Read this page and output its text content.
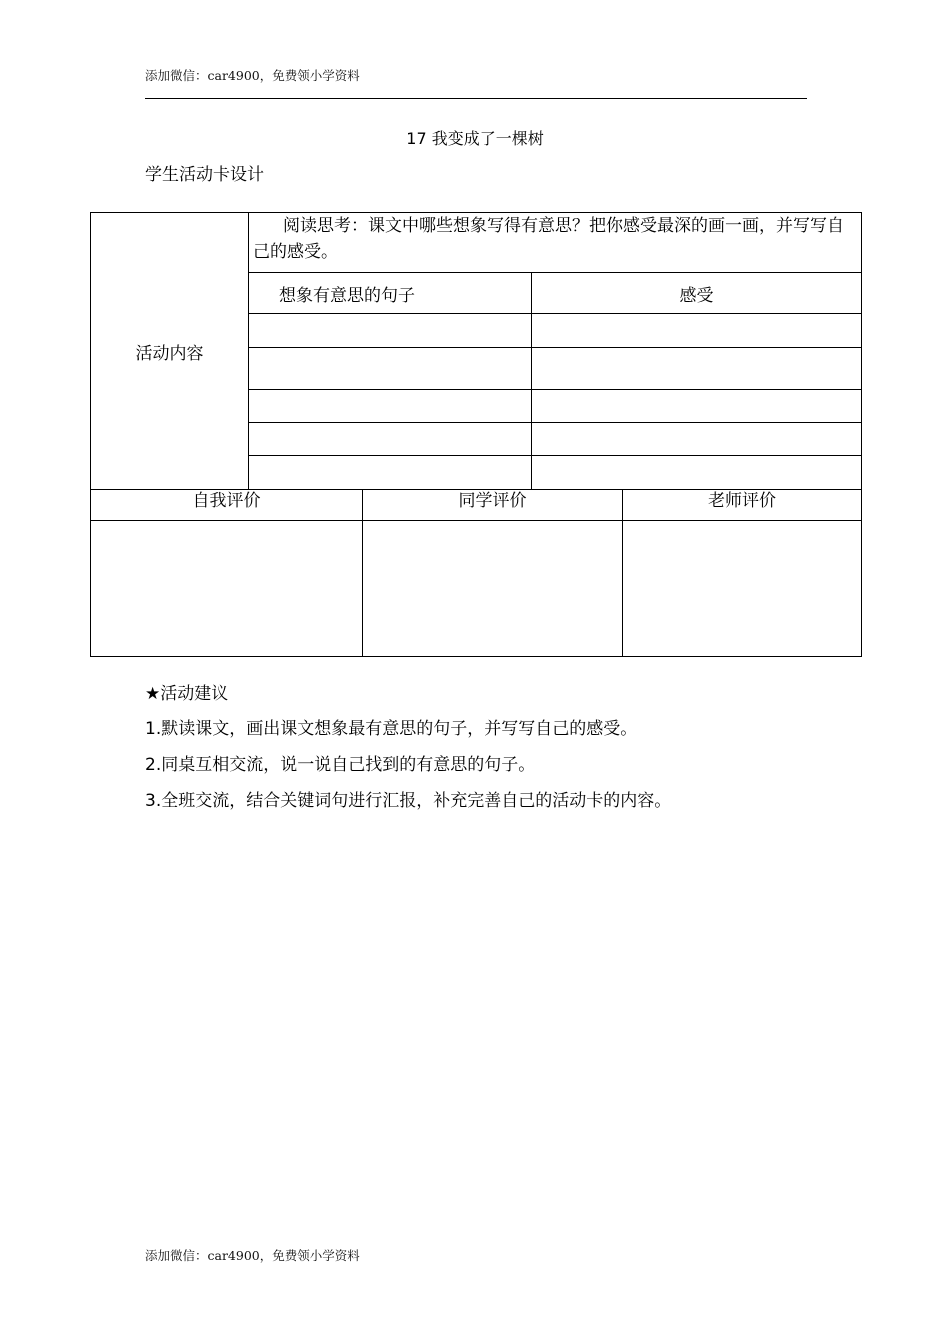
添加微信：car4900，免费领小学资料
17 我变成了一棵树
学生活动卡设计
活动内容	阅读思考：课文中哪些想象写得有意思？把你感受最深的画一画，并写写自己的感受。	
	想象有意思的句子	感受

自我评价	同学评价	老师评价

★活动建议
1.默读课文，画出课文想象最有意思的句子，并写写自己的感受。
2.同桌互相交流，说一说自己找到的有意思的句子。
3.全班交流，结合关键词句进行汇报，补充完善自己的活动卡的内容。
添加微信：car4900，免费领小学资料
